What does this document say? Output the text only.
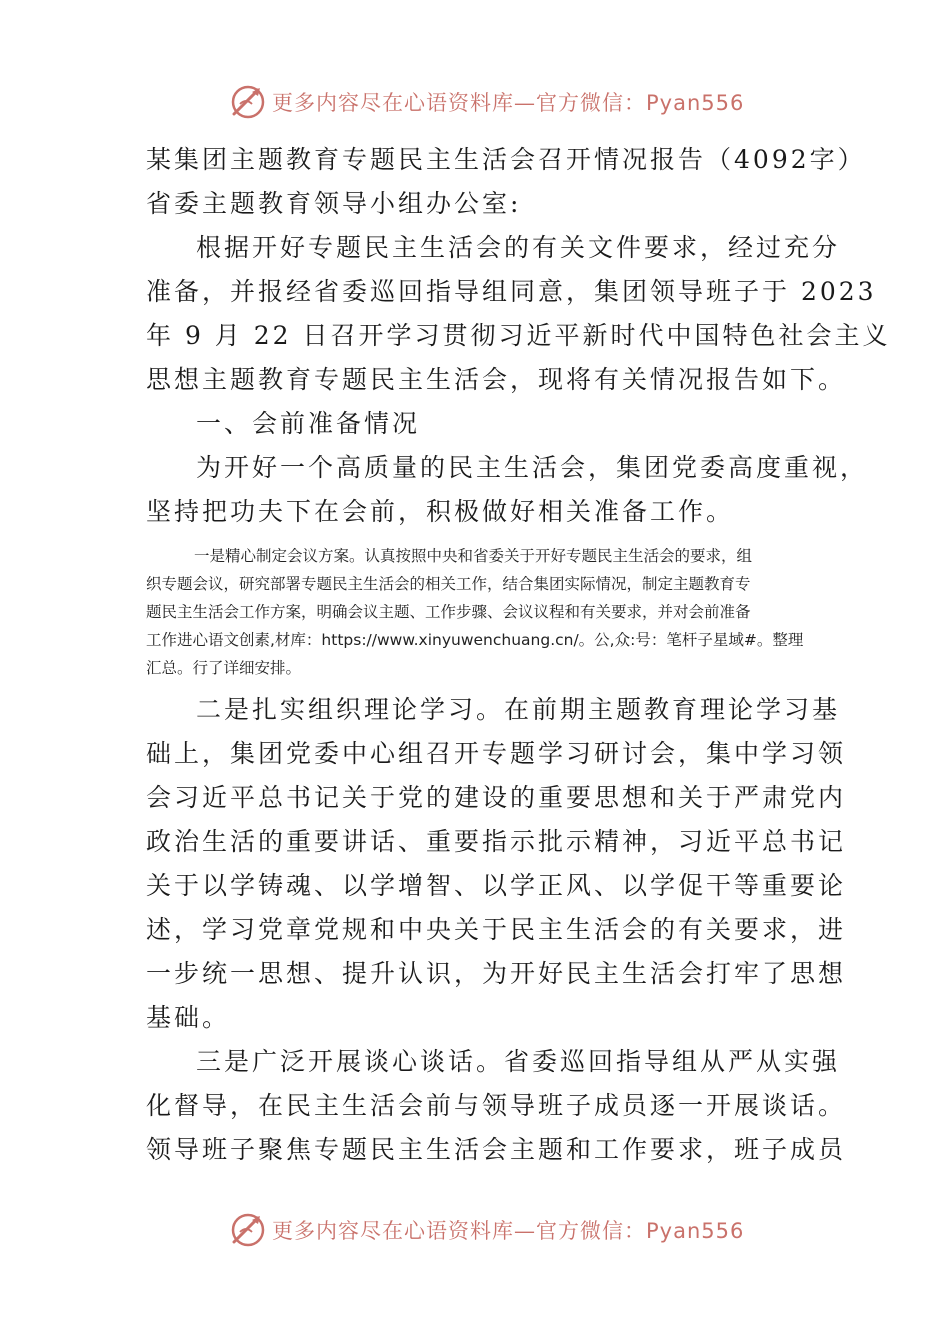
更多内容尽在心语资料库—官方微信：Pyan556
某集团主题教育专题民主生活会召开情况报告（4092字）
省委主题教育领导小组办公室:
根据开好专题民主生活会的有关文件要求，经过充分
准备，并报经省委巡回指导组同意，集团领导班子于 2023
年 9 月 22 日召开学习贯彻习近平新时代中国特色社会主义
思想主题教育专题民主生活会，现将有关情况报告如下。
一、会前准备情况
为开好一个高质量的民主生活会，集团党委高度重视，
坚持把功夫下在会前，积极做好相关准备工作。
一是精心制定会议方案。认真按照中央和省委关于开好专题民主生活会的要求，组
织专题会议，研究部署专题民主生活会的相关工作，结合集团实际情况，制定主题教育专
题民主生活会工作方案，明确会议主题、工作步骤、会议议程和有关要求，并对会前准备
工作进心语文创素,材库：https://www.xinyuwenchuang.cn/。公,众:号：笔杆子星域#。整理
汇总。行了详细安排。
二是扎实组织理论学习。在前期主题教育理论学习基
础上，集团党委中心组召开专题学习研讨会，集中学习领
会习近平总书记关于党的建设的重要思想和关于严肃党内
政治生活的重要讲话、重要指示批示精神，习近平总书记
关于以学铸魂、以学增智、以学正风、以学促干等重要论
述，学习党章党规和中央关于民主生活会的有关要求，进
一步统一思想、提升认识，为开好民主生活会打牢了思想
基础。
三是广泛开展谈心谈话。省委巡回指导组从严从实强
化督导，在民主生活会前与领导班子成员逐一开展谈话。
领导班子聚焦专题民主生活会主题和工作要求，班子成员
更多内容尽在心语资料库—官方微信：Pyan556
